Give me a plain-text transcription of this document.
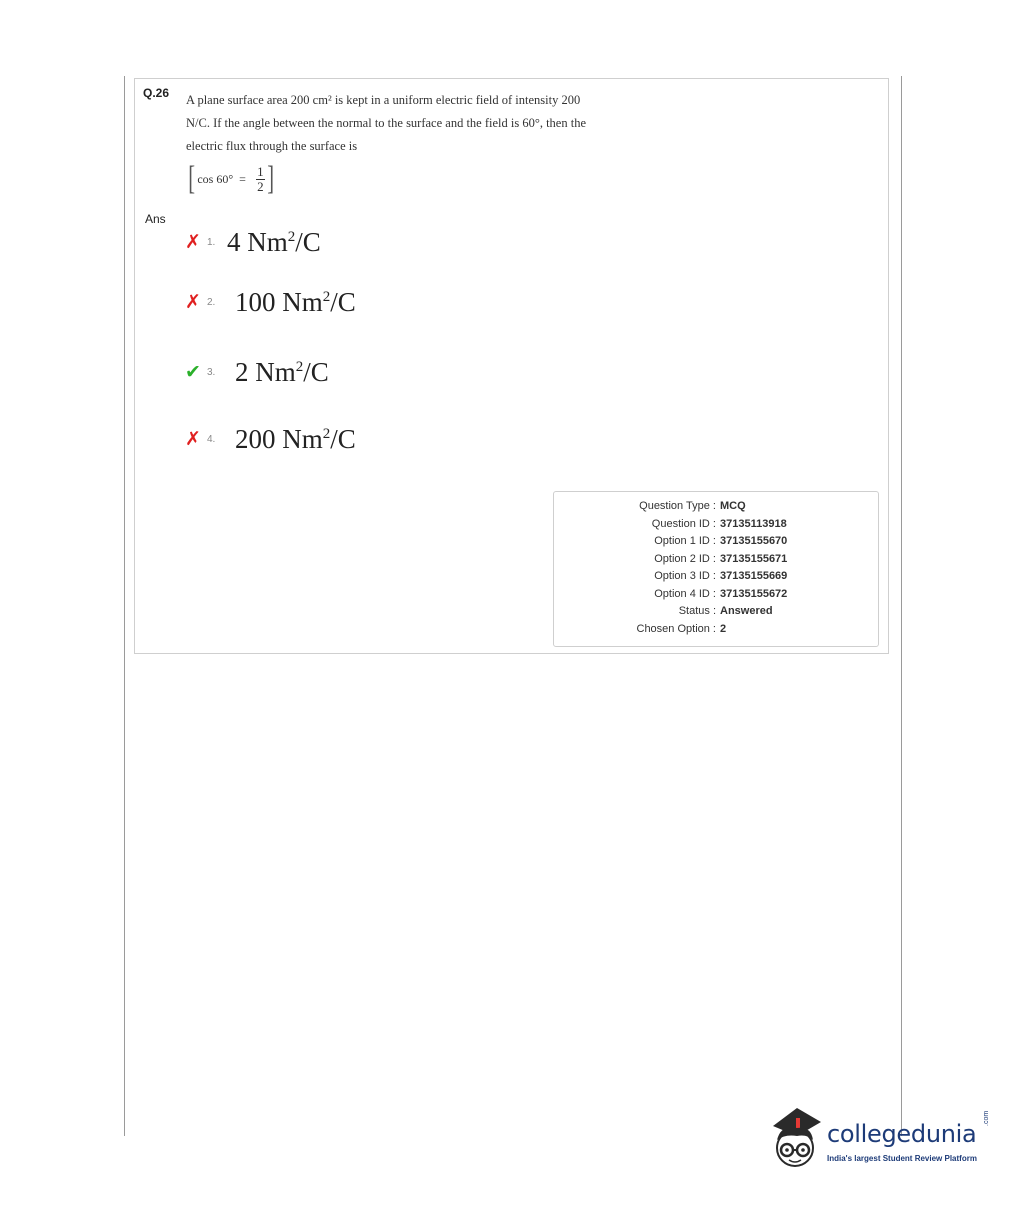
Q.26 A plane surface area 200 cm² is kept in a uniform electric field of intensity 200
N/C. If the angle between the normal to the surface and the field is 60°, then the
electric flux through the surface is
[ $\cos 60^\circ = \frac{1}{2}$ ]
Ans
✗ 1. 4 Nm$^2$/C
✗ 2. 100 Nm$^2$/C
✔ 3. 2 Nm$^2$/C
✗ 4. 200 Nm$^2$/C
Question Type : MCQ
Question ID : 37135113918
Option 1 ID : 37135155670
Option 2 ID : 37135155671
Option 3 ID : 37135155669
Option 4 ID : 37135155672
Status : Answered
Chosen Option : 2
collegedunia
.com
India's largest Student Review Platform
